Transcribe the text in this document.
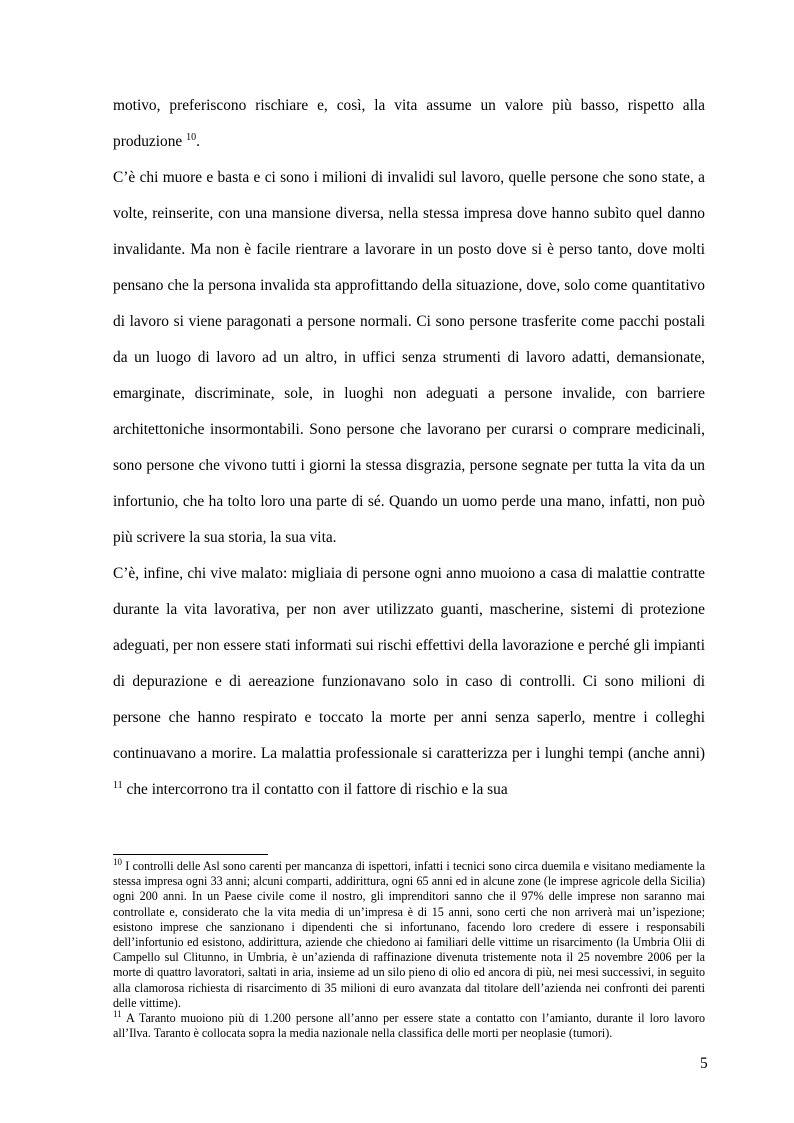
motivo, preferiscono rischiare e, così, la vita assume un valore più basso, rispetto alla produzione $^{10}$.

C’è chi muore e basta e ci sono i milioni di invalidi sul lavoro, quelle persone che sono state, a volte, reinserite, con una mansione diversa, nella stessa impresa dove hanno subìto quel danno invalidante. Ma non è facile rientrare a lavorare in un posto dove si è perso tanto, dove molti pensano che la persona invalida sta approfittando della situazione, dove, solo come quantitativo di lavoro si viene paragonati a persone normali. Ci sono persone trasferite come pacchi postali da un luogo di lavoro ad un altro, in uffici senza strumenti di lavoro adatti, demansionate, emarginate, discriminate, sole, in luoghi non adeguati a persone invalide, con barriere architettoniche insormontabili. Sono persone che lavorano per curarsi o comprare medicinali, sono persone che vivono tutti i giorni la stessa disgrazia, persone segnate per tutta la vita da un infortunio, che ha tolto loro una parte di sé. Quando un uomo perde una mano, infatti, non può più scrivere la sua storia, la sua vita.

C’è, infine, chi vive malato: migliaia di persone ogni anno muoiono a casa di malattie contratte durante la vita lavorativa, per non aver utilizzato guanti, mascherine, sistemi di protezione adeguati, per non essere stati informati sui rischi effettivi della lavorazione e perché gli impianti di depurazione e di aereazione funzionavano solo in caso di controlli. Ci sono milioni di persone che hanno respirato e toccato la morte per anni senza saperlo, mentre i colleghi continuavano a morire. La malattia professionale si caratterizza per i lunghi tempi (anche anni) $^{11}$ che intercorrono tra il contatto con il fattore di rischio e la sua

$^{10}$ I controlli delle Asl sono carenti per mancanza di ispettori, infatti i tecnici sono circa duemila e visitano mediamente la stessa impresa ogni 33 anni; alcuni comparti, addirittura, ogni 65 anni ed in alcune zone (le imprese agricole della Sicilia) ogni 200 anni. In un Paese civile come il nostro, gli imprenditori sanno che il 97% delle imprese non saranno mai controllate e, considerato che la vita media di un’impresa è di 15 anni, sono certi che non arriverà mai un’ispezione; esistono imprese che sanzionano i dipendenti che si infortunano, facendo loro credere di essere i responsabili dell’infortunio ed esistono, addirittura, aziende che chiedono ai familiari delle vittime un risarcimento (la Umbria Olii di Campello sul Clitunno, in Umbria, è un’azienda di raffinazione divenuta tristemente nota il 25 novembre 2006 per la morte di quattro lavoratori, saltati in aria, insieme ad un silo pieno di olio ed ancora di più, nei mesi successivi, in seguito alla clamorosa richiesta di risarcimento di 35 milioni di euro avanzata dal titolare dell’azienda nei confronti dei parenti delle vittime).

$^{11}$ A Taranto muoiono più di 1.200 persone all’anno per essere state a contatto con l’amianto, durante il loro lavoro all’Ilva. Taranto è collocata sopra la media nazionale nella classifica delle morti per neoplasie (tumori).

5
